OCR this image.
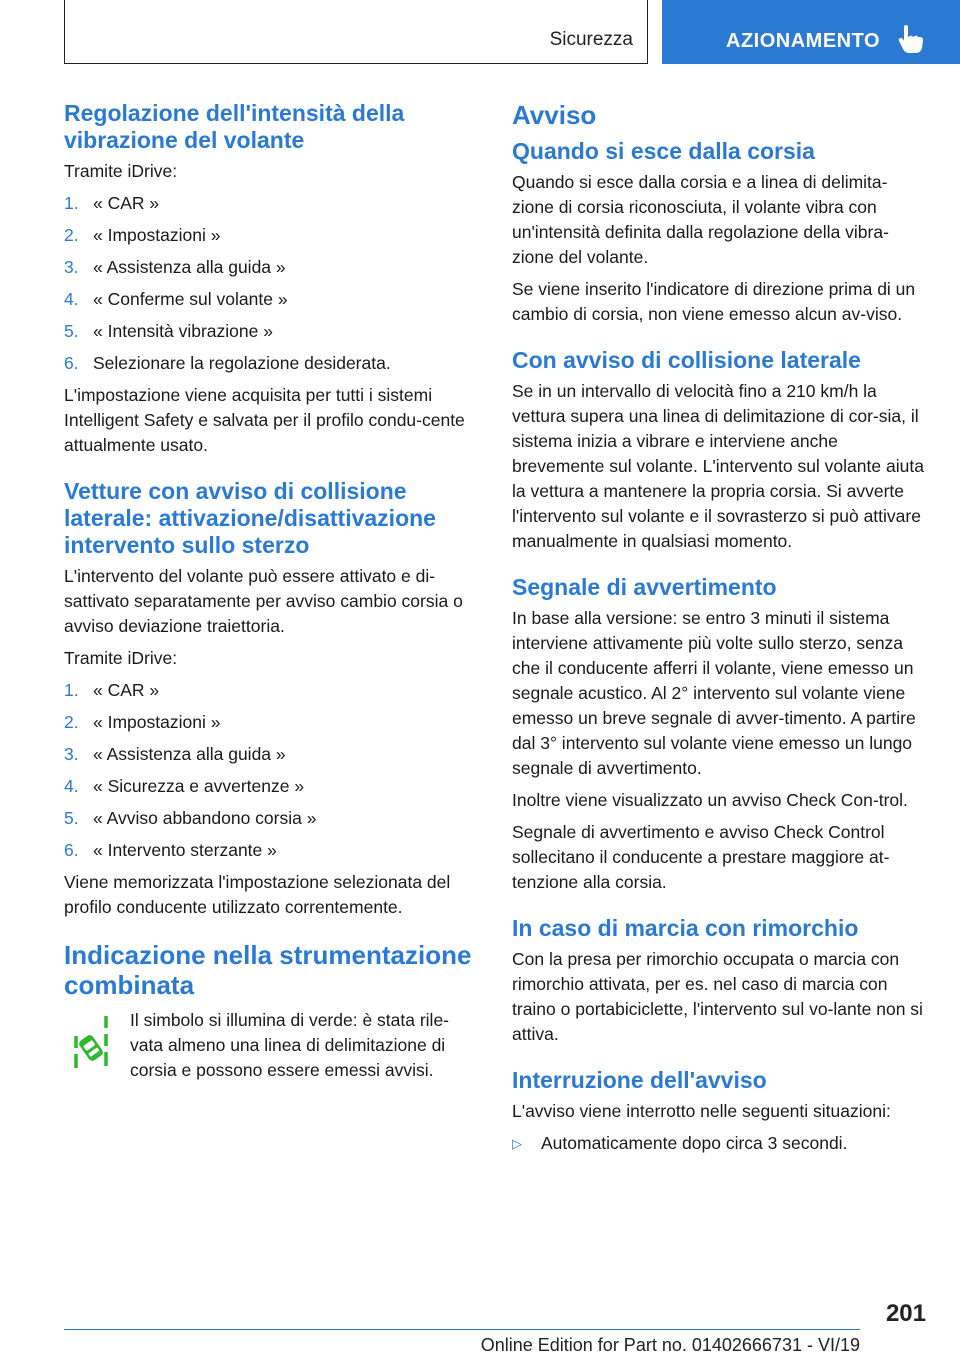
Sicurezza	AZIONAMENTO
Regolazione dell'intensità della vibrazione del volante
Tramite iDrive:
1. « CAR »
2. « Impostazioni »
3. « Assistenza alla guida »
4. « Conferme sul volante »
5. « Intensità vibrazione »
6. Selezionare la regolazione desiderata.
L'impostazione viene acquisita per tutti i sistemi Intelligent Safety e salvata per il profilo condu-cente attualmente usato.
Vetture con avviso di collisione laterale: attivazione/disattivazione intervento sullo sterzo
L'intervento del volante può essere attivato e di-sattivato separatamente per avviso cambio corsia o avviso deviazione traiettoria.
Tramite iDrive:
1. « CAR »
2. « Impostazioni »
3. « Assistenza alla guida »
4. « Sicurezza e avvertenze »
5. « Avviso abbandono corsia »
6. « Intervento sterzante »
Viene memorizzata l'impostazione selezionata del profilo conducente utilizzato correntemente.
Indicazione nella strumentazione combinata
Il simbolo si illumina di verde: è stata rile-vata almeno una linea di delimitazione di corsia e possono essere emessi avvisi.
Avviso
Quando si esce dalla corsia
Quando si esce dalla corsia e a linea di delimita-zione di corsia riconosciuta, il volante vibra con un'intensità definita dalla regolazione della vibra-zione del volante.
Se viene inserito l'indicatore di direzione prima di un cambio di corsia, non viene emesso alcun av-viso.
Con avviso di collisione laterale
Se in un intervallo di velocità fino a 210 km/h la vettura supera una linea di delimitazione di cor-sia, il sistema inizia a vibrare e interviene anche brevemente sul volante. L'intervento sul volante aiuta la vettura a mantenere la propria corsia. Si avverte l'intervento sul volante e il sovrasterzo si può attivare manualmente in qualsiasi momento.
Segnale di avvertimento
In base alla versione: se entro 3 minuti il sistema interviene attivamente più volte sullo sterzo, senza che il conducente afferri il volante, viene emesso un segnale acustico. Al 2° intervento sul volante viene emesso un breve segnale di avver-timento. A partire dal 3° intervento sul volante viene emesso un lungo segnale di avvertimento.
Inoltre viene visualizzato un avviso Check Con-trol.
Segnale di avvertimento e avviso Check Control sollecitano il conducente a prestare maggiore at-tenzione alla corsia.
In caso di marcia con rimorchio
Con la presa per rimorchio occupata o marcia con rimorchio attivata, per es. nel caso di marcia con traino o portabiciclette, l'intervento sul vo-lante non si attiva.
Interruzione dell'avviso
L'avviso viene interrotto nelle seguenti situazioni:
▷ Automaticamente dopo circa 3 secondi.
201
Online Edition for Part no. 01402666731 - VI/19
